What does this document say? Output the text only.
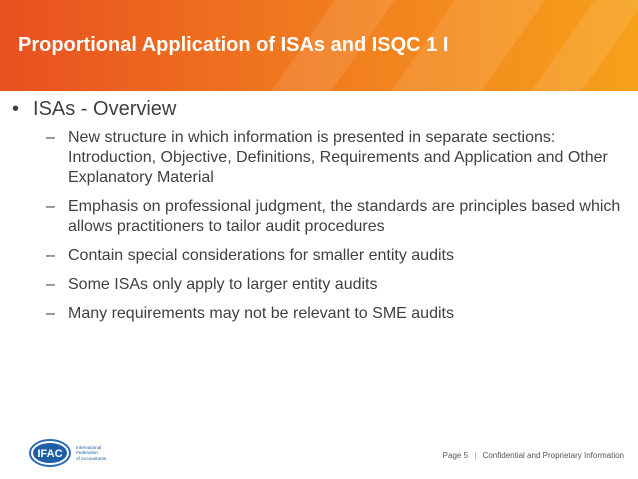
Proportional Application of ISAs and ISQC 1 I
• ISAs - Overview
– New structure in which information is presented in separate sections: Introduction, Objective, Definitions, Requirements and Application and Other Explanatory Material
– Emphasis on professional judgment, the standards are principles based which allows practitioners to tailor audit procedures
– Contain special considerations for smaller entity audits
– Some ISAs only apply to larger entity audits
– Many requirements may not be relevant to SME audits
IFAC
International
Federation
of Accountants	Page 5 | Confidential and Proprietary Information
